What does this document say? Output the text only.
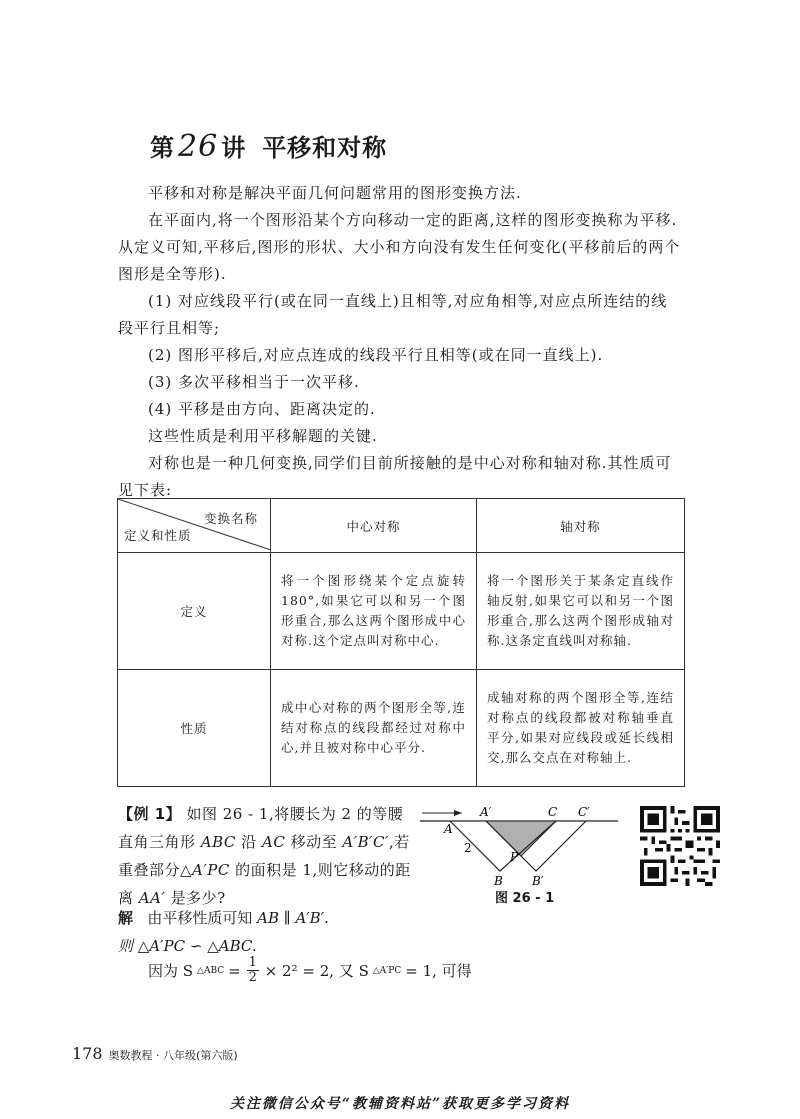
第 26 讲 平移和对称

平移和对称是解决平面几何问题常用的图形变换方法.

在平面内,将一个图形沿某个方向移动一定的距离,这样的图形变换称为平移.从定义可知,平移后,图形的形状、大小和方向没有发生任何变化(平移前后的两个图形是全等形).

(1) 对应线段平行(或在同一直线上)且相等,对应角相等,对应点所连结的线段平行且相等;

(2) 图形平移后,对应点连成的线段平行且相等(或在同一直线上).

(3) 多次平移相当于一次平移.

(4) 平移是由方向、距离决定的.

这些性质是利用平移解题的关键.

对称也是一种几何变换,同学们目前所接触的是中心对称和轴对称.其性质可见下表:

变换名称
定义和性质	中心对称	轴对称
定义	将一个图形绕某个定点旋转180°,如果它可以和另一个图形重合,那么这两个图形成中心对称.这个定点叫对称中心.	将一个图形关于某条定直线作轴反射,如果它可以和另一个图形重合,那么这两个图形成轴对称.这条定直线叫对称轴.
性质	成中心对称的两个图形全等,连结对称点的线段都经过对称中心,并且被对称中心平分.	成轴对称的两个图形全等,连结对称点的线段都被对称轴垂直平分,如果对应线段或延长线相交,那么交点在对称轴上.

【例 1】 如图 26 - 1,将腰长为 2 的等腰直角三角形 ABC 沿 AC 移动至 A′B′C′,若重叠部分△A′PC 的面积是 1,则它移动的距离 AA′ 是多少?

A
A′	C C′
P
B B′
2
图 26 - 1

解 由平移性质可知 AB ∥ A′B′.
则 △A′PC ∽ △ABC.

因为 S △ABC = $\frac{1}{2} \times 2^2 = 2$, 又 S △A′PC = 1, 可得
178 奥数教程 · 八年级(第六版)
关注微信公众号“教辅资料站”获取更多学习资料
